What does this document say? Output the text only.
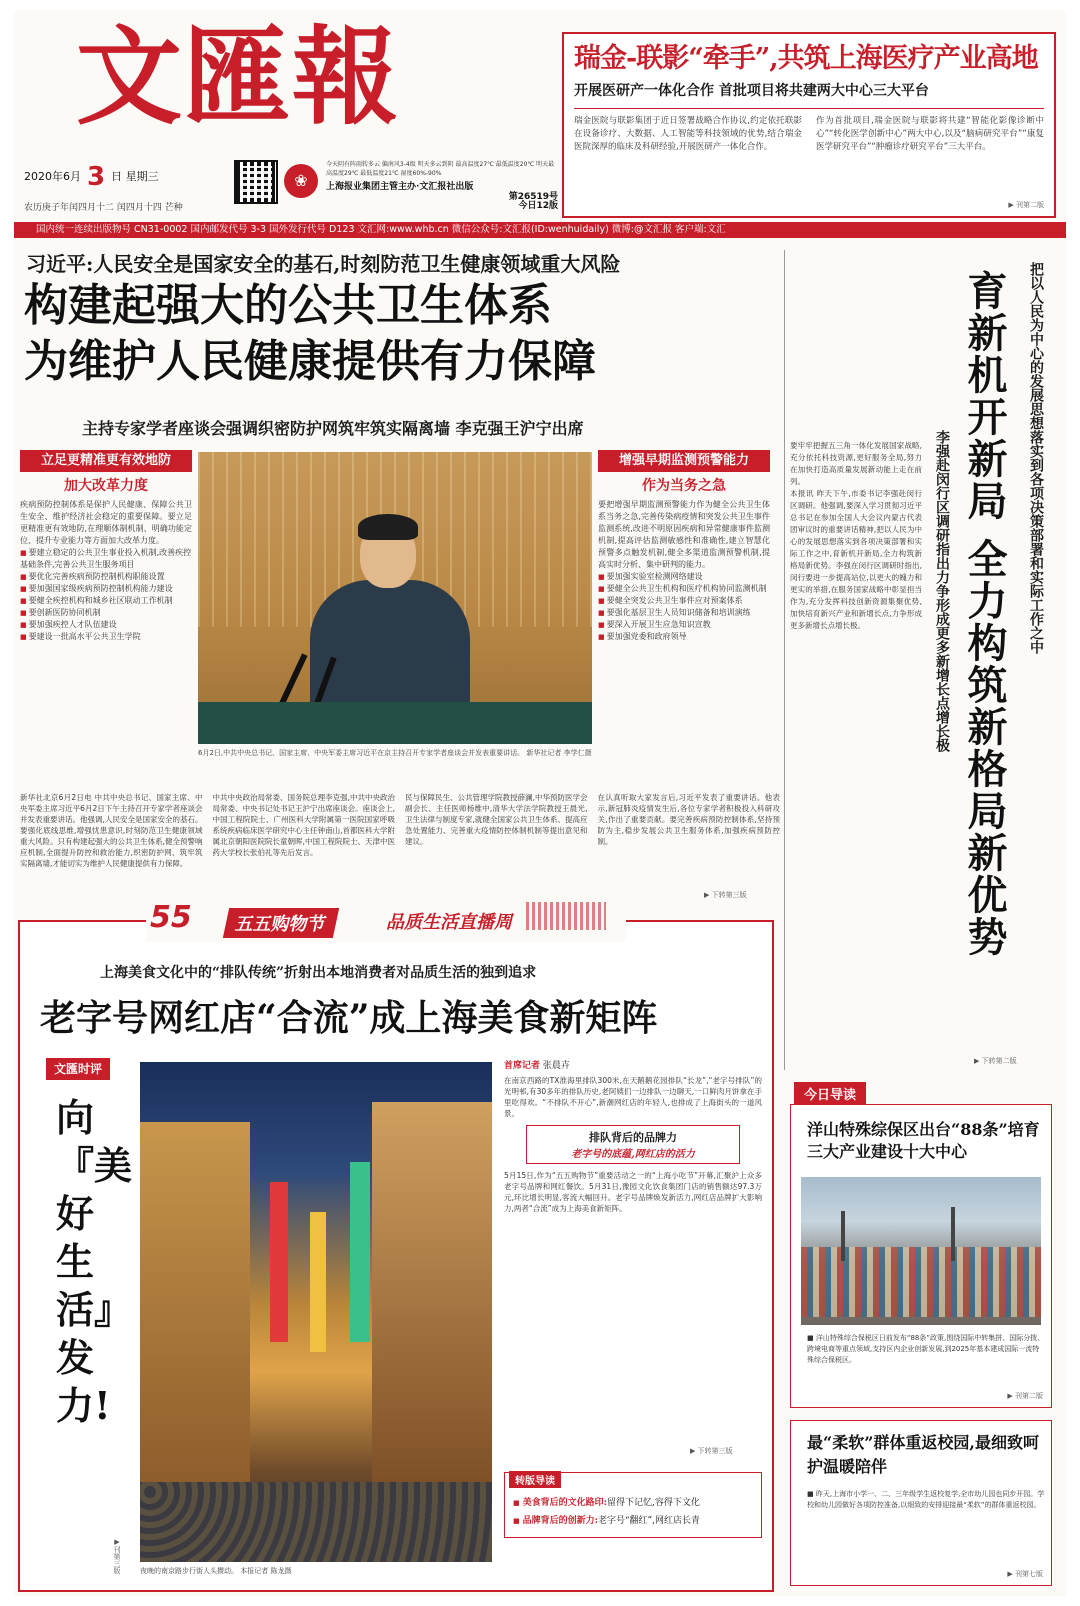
文匯報
2020年6月 3 日 星期三
农历庚子年闰四月十二 闰四月十四 芒种
❀
今天阴有阵雨转多云 偏南风3-4级 明天多云到阴 最高温度27℃ 最低温度20℃ 明天最高温度29℃ 最低温度21℃ 湿度60%-90%
上海报业集团主管主办·文汇报社出版
第26519号
今日12版
瑞金-联影“牵手”,共筑上海医疗产业高地
开展医研产一体化合作 首批项目将共建两大中心三大平台

瑞金医院与联影集团于近日签署战略合作协议,约定依托联影在设备诊疗、大数据、人工智能等科技领域的优势,结合瑞金医院深厚的临床及科研经验,开展医研产一体化合作。

作为首批项目,瑞金医院与联影将共建“智能化影像诊断中心”“转化医学创新中心”两大中心,以及“脑病研究平台”“康复医学研究平台”“肿瘤诊疗研究平台”三大平台。

▶ 刊第二版
国内统一连续出版物号 CN31-0002 国内邮发代号 3-3 国外发行代号 D123 文汇网:www.whb.cn 微信公众号:文汇报(ID:wenhuidaily) 微博:@文汇报 客户端:文汇
习近平:人民安全是国家安全的基石,时刻防范卫生健康领域重大风险
构建起强大的公共卫生体系
为维护人民健康提供有力保障
主持专家学者座谈会强调织密防护网筑牢筑实隔离墙 李克强王沪宁出席
立足更精准更有效地防
加大改革力度
疾病预防控制体系是保护人民健康、保障公共卫生安全、维护经济社会稳定的重要保障。要立足更精准更有效地防,在理顺体制机制、明确功能定位、提升专业能力等方面加大改革力度。
■ 要建立稳定的公共卫生事业投入机制,改善疾控基础条件,完善公共卫生服务项目
■ 要优化完善疾病预防控制机构职能设置
■ 要加强国家级疾病预防控制机构能力建设
■ 要健全疾控机构和城乡社区联动工作机制
■ 要创新医防协同机制
■ 要加强疾控人才队伍建设
■ 要建设一批高水平公共卫生学院
6月2日,中共中央总书记、国家主席、中央军委主席习近平在京主持召开专家学者座谈会并发表重要讲话。 新华社记者 李学仁摄
增强早期监测预警能力
作为当务之急
要把增强早期监测预警能力作为健全公共卫生体系当务之急,完善传染病疫情和突发公共卫生事件监测系统,改进不明原因疾病和异常健康事件监测机制,提高评估监测敏感性和准确性,建立智慧化预警多点触发机制,健全多渠道监测预警机制,提高实时分析、集中研判的能力。
■ 要加强实验室检测网络建设
■ 要健全公共卫生机构和医疗机构协同监测机制
■ 要健全突发公共卫生事件应对预案体系
■ 要强化基层卫生人员知识储备和培训演练
■ 要深入开展卫生应急知识宣教
■ 要加强党委和政府领导

新华社北京6月2日电 中共中央总书记、国家主席、中央军委主席习近平6月2日下午主持召开专家学者座谈会并发表重要讲话。他强调,人民安全是国家安全的基石。要强化底线思维,增强忧患意识,时刻防范卫生健康领域重大风险。只有构建起强大的公共卫生体系,健全预警响应机制,全面提升防控和救治能力,织密防护网、筑牢筑实隔离墙,才能切实为维护人民健康提供有力保障。

中共中央政治局常委、国务院总理李克强,中共中央政治局常委、中央书记处书记王沪宁出席座谈会。座谈会上,中国工程院院士、广州医科大学附属第一医院国家呼吸系统疾病临床医学研究中心主任钟南山,首都医科大学附属北京朝阳医院院长童朝晖,中国工程院院士、天津中医药大学校长张伯礼等先后发言。

民与保障民生、公共管理学院教授薛澜,中华预防医学会副会长、主任医师杨维中,清华大学法学院教授王晨光,卫生法律与制度专家,就健全国家公共卫生体系、提高应急处置能力、完善重大疫情防控体制机制等提出意见和建议。

在认真听取大家发言后,习近平发表了重要讲话。他表示,新冠肺炎疫情发生后,各位专家学者积极投入科研攻关,作出了重要贡献。要完善疾病预防控制体系,坚持预防为主,稳步发展公共卫生服务体系,加强疾病预防控制。

▶ 下转第三版
把以人民为中心的发展思想落实到各项决策部署和实际工作之中
育新机开新局 全力构筑新格局新优势
李强赴闵行区调研指出力争形成更多新增长点增长极

要牢牢把握五三角一体化发展国家战略,充分依托科技资源,更好服务全局,努力在加快打造高质量发展新动能上走在前列。

本报讯 昨天下午,市委书记李强赴闵行区调研。他强调,要深入学习贯彻习近平总书记在参加全国人大会议内蒙古代表团审议时的重要讲话精神,把以人民为中心的发展思想落实到各项决策部署和实际工作之中,育新机开新局,全力构筑新格局新优势。李强在闵行区调研时指出,闵行要进一步提高站位,以更大的魄力和更实的举措,在服务国家战略中彰显担当作为,充分发挥科技创新资源集聚优势,加快培育新兴产业和新增长点,力争形成更多新增长点增长极。

▶ 下转第二版
55	五五购物节	品质生活直播周
上海美食文化中的“排队传统”折射出本地消费者对品质生活的独到追求
老字号网红店“合流”成上海美食新矩阵
文匯时评
向『美好生活』发力!
▶刊第三版	夜晚的南京路步行街人头攒动。 本报记者 陈龙摄
首席记者 张晨卉

在南京西路的TX淮海里排队300米,在天鹅鹅花园排队“长龙”,“老字号排队”的光明邨,有30多年的排队历史,老阿姨们一边排队一边聊天,一口鲜肉月饼拿在手里吃得欢。“不排队不开心”,新潮网红店的年轻人,也排成了上海街头的一道风景。

排队背后的品牌力
老字号的底蕴,网红店的活力

5月15日,作为“五五购物节”重要活动之一的“上海小吃节”开幕,汇聚沪上众多老字号品牌和网红餐饮。5月31日,豫园文化饮食集团门店的销售额达97.3万元,环比增长明显,客流大幅回升。老字号品牌焕发新活力,网红店品牌扩大影响力,两者“合流”成为上海美食新矩阵。

▶ 下转第三版
转版导读
■ 美食背后的文化路印:留得下记忆,容得下文化
■ 品牌背后的创新力:老字号“翻红”,网红店长青
今日导读
洋山特殊综保区出台“88条”培育三大产业建设十大中心
■ 洋山特殊综合保税区日前发布“88条”政策,围绕国际中转集拼、国际分拨、跨境电商等重点领域,支持区内企业创新发展,到2025年基本建成国际一流特殊综合保税区。
▶ 刊第二版
最“柔软”群体重返校园,最细致呵护温暖陪伴
■ 昨天,上海市小学一、二、三年级学生返校复学,全市幼儿园也同步开园。学校和幼儿园做好各项防控准备,以细致的安排迎接最“柔软”的群体重返校园。
▶ 刊第七版
